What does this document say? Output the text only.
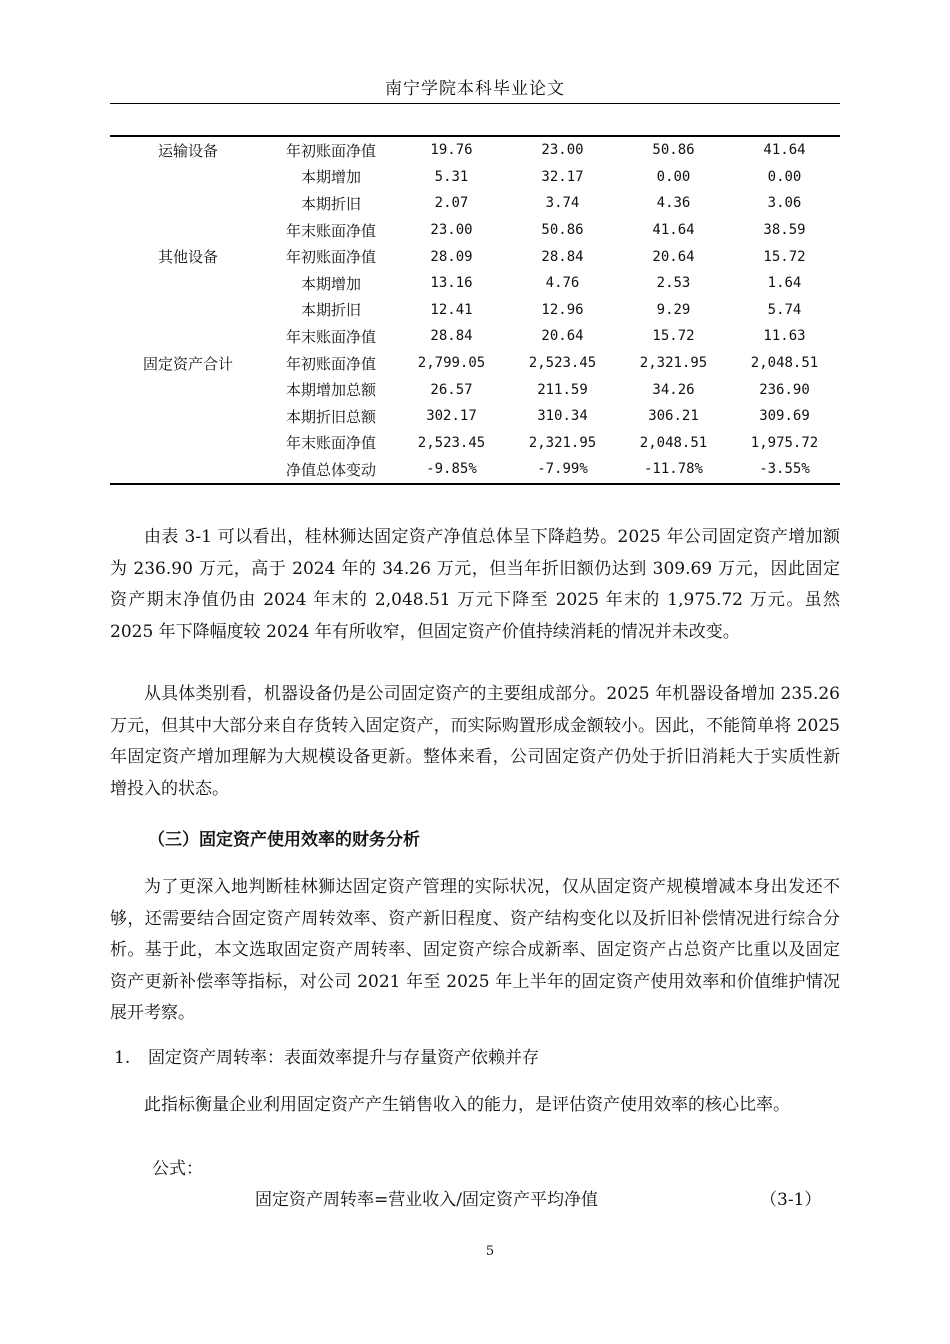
南宁学院本科毕业论文
运输设备	年初账面净值	19.76	23.00	50.86	41.64
	本期增加	5.31	32.17	0.00	0.00
	本期折旧	2.07	3.74	4.36	3.06
	年末账面净值	23.00	50.86	41.64	38.59
其他设备	年初账面净值	28.09	28.84	20.64	15.72
	本期增加	13.16	4.76	2.53	1.64
	本期折旧	12.41	12.96	9.29	5.74
	年末账面净值	28.84	20.64	15.72	11.63
固定资产合计	年初账面净值	2,799.05	2,523.45	2,321.95	2,048.51
	本期增加总额	26.57	211.59	34.26	236.90
	本期折旧总额	302.17	310.34	306.21	309.69
	年末账面净值	2,523.45	2,321.95	2,048.51	1,975.72
	净值总体变动	-9.85%	-7.99%	-11.78%	-3.55%
由表 3-1 可以看出，桂林狮达固定资产净值总体呈下降趋势。2025 年公司固定资产增加额为 236.90 万元，高于 2024 年的 34.26 万元，但当年折旧额仍达到 309.69 万元，因此固定资产期末净值仍由 2024 年末的 2,048.51 万元下降至 2025 年末的 1,975.72 万元。虽然 2025 年下降幅度较 2024 年有所收窄，但固定资产价值持续消耗的情况并未改变。
从具体类别看，机器设备仍是公司固定资产的主要组成部分。2025 年机器设备增加 235.26 万元，但其中大部分来自存货转入固定资产，而实际购置形成金额较小。因此，不能简单将 2025 年固定资产增加理解为大规模设备更新。整体来看，公司固定资产仍处于折旧消耗大于实质性新增投入的状态。
（三）固定资产使用效率的财务分析
为了更深入地判断桂林狮达固定资产管理的实际状况，仅从固定资产规模增减本身出发还不够，还需要结合固定资产周转效率、资产新旧程度、资产结构变化以及折旧补偿情况进行综合分析。基于此，本文选取固定资产周转率、固定资产综合成新率、固定资产占总资产比重以及固定资产更新补偿率等指标，对公司 2021 年至 2025 年上半年的固定资产使用效率和价值维护情况展开考察。
1. 固定资产周转率：表面效率提升与存量资产依赖并存
此指标衡量企业利用固定资产产生销售收入的能力，是评估资产使用效率的核心比率。
公式：
固定资产周转率=营业收入/固定资产平均净值	（3-1）
5
